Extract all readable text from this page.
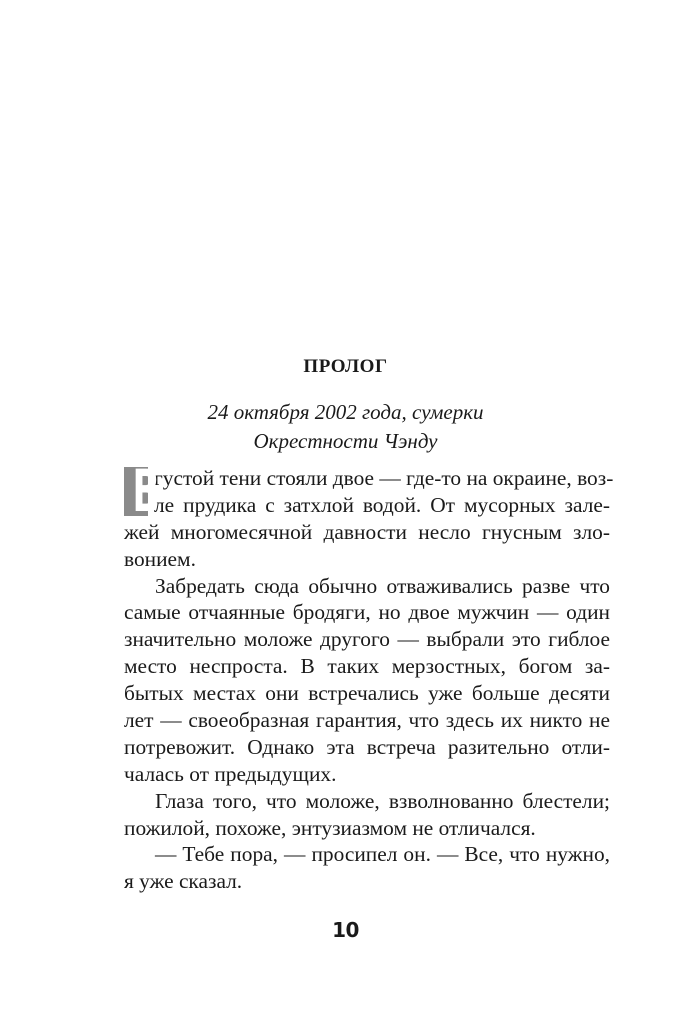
ПРОЛОГ
24 октября 2002 года, сумерки
Окрестности Чэнду
В
густой тени стояли двое — где-то на окраине, воз-
ле прудика с затхлой водой. От мусорных зале-
жей многомесячной давности несло гнусным зло-
вонием.
Забредать сюда обычно отваживались разве что
самые отчаянные бродяги, но двое мужчин — один
значительно моложе другого — выбрали это гиблое
место неспроста. В таких мерзостных, богом за-
бытых местах они встречались уже больше десяти
лет — своеобразная гарантия, что здесь их никто не
потревожит. Однако эта встреча разительно отли-
чалась от предыдущих.
Глаза того, что моложе, взволнованно блестели;
пожилой, похоже, энтузиазмом не отличался.
— Тебе пора, — просипел он. — Все, что нужно,
я уже сказал.
10
